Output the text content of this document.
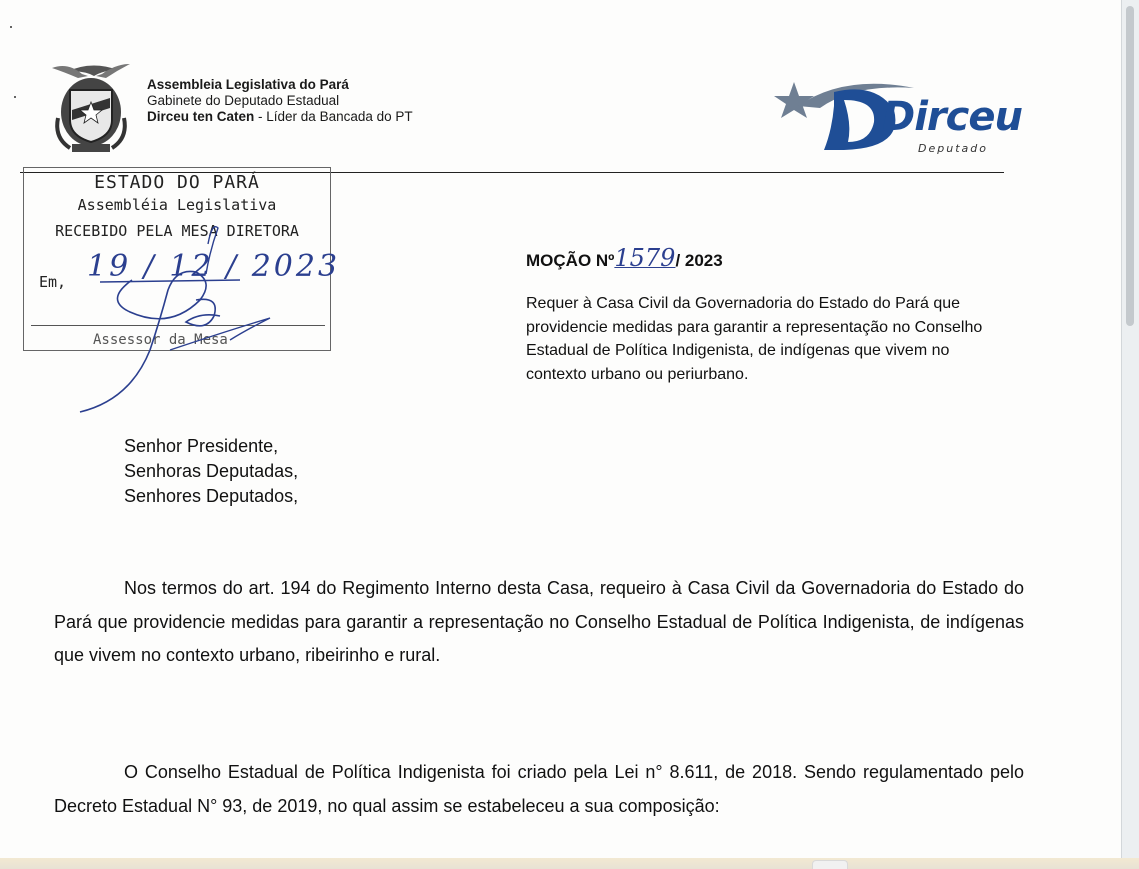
Assembleia Legislativa do Pará
Gabinete do Deputado Estadual
Dirceu ten Caten - Líder da Bancada do PT	Dirceu
Deputado
ESTADO DO PARÁ
Assembléia Legislativa
RECEBIDO PELA MESA DIRETORA
Em, 19 / 12 / 2023
Assessor da Mesa
MOÇÃO Nº1579/ 2023
Requer à Casa Civil da Governadoria do Estado do Pará que providencie medidas para garantir a representação no Conselho Estadual de Política Indigenista, de indígenas que vivem no contexto urbano ou periurbano.
Senhor Presidente,
Senhoras Deputadas,
Senhores Deputados,

Nos termos do art. 194 do Regimento Interno desta Casa, requeiro à Casa Civil da Governadoria do Estado do Pará que providencie medidas para garantir a representação no Conselho Estadual de Política Indigenista, de indígenas que vivem no contexto urbano, ribeirinho e rural.

O Conselho Estadual de Política Indigenista foi criado pela Lei n° 8.611, de 2018. Sendo regulamentado pelo Decreto Estadual N° 93, de 2019, no qual assim se estabeleceu a sua composição:
